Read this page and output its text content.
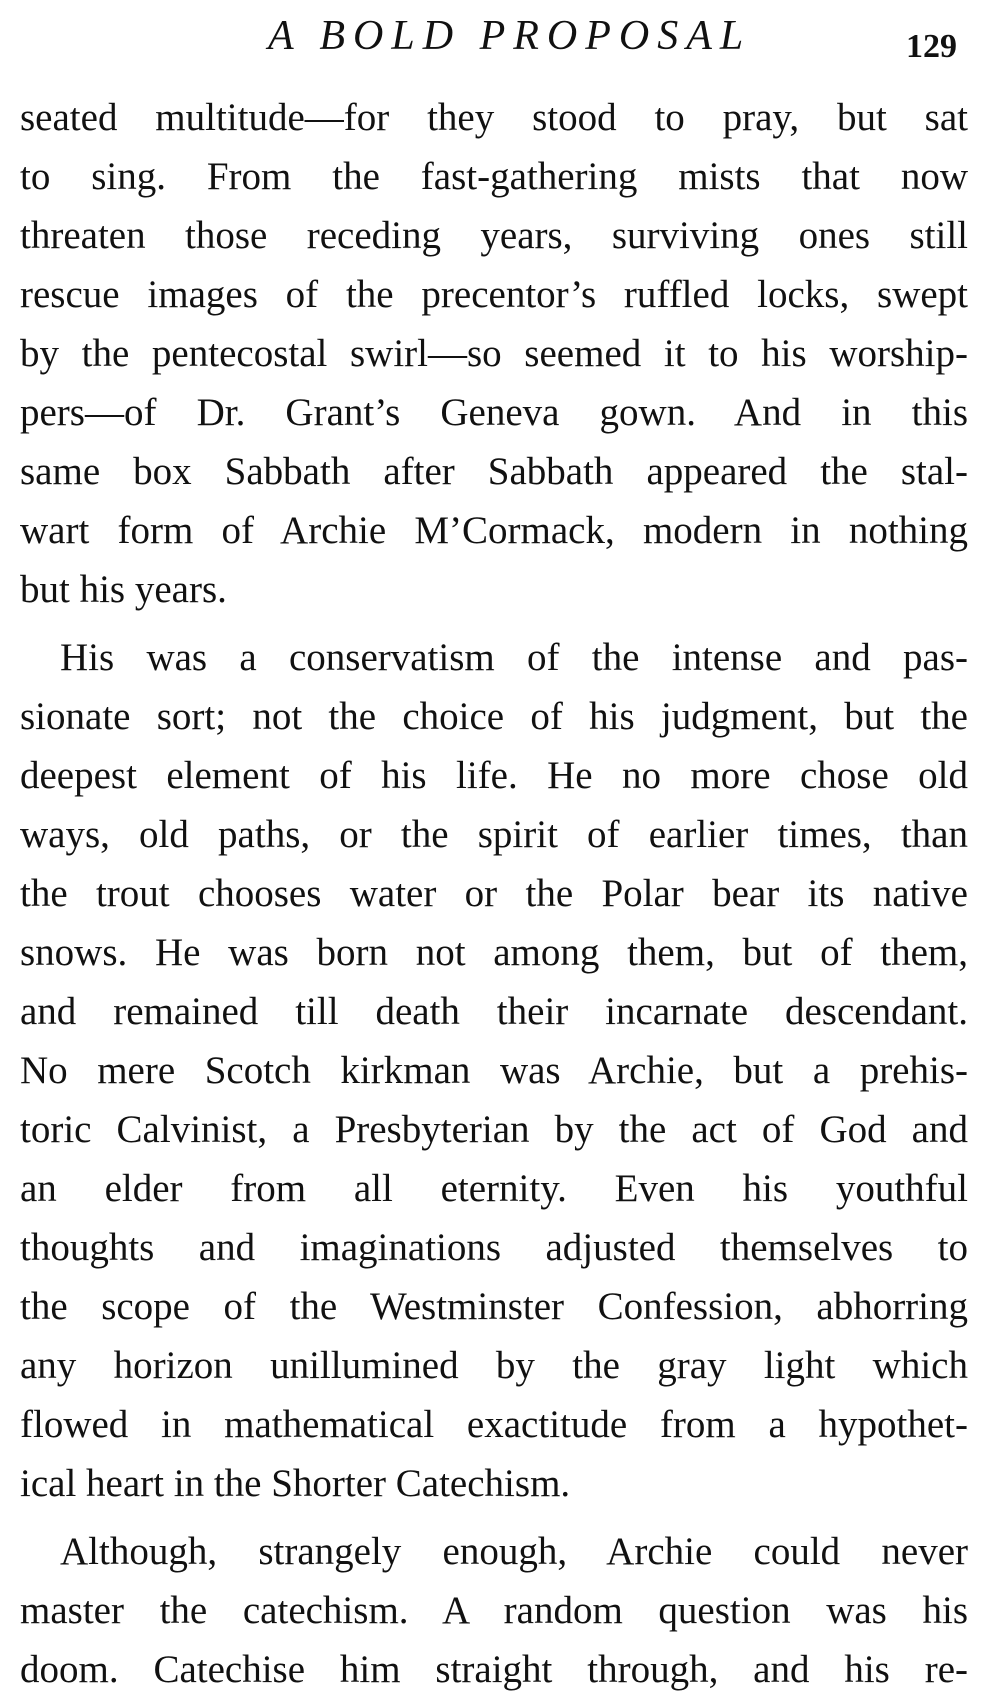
A BOLD PROPOSAL	129
seated multitude—for they stood to pray, but sat
to sing. From the fast-gathering mists that now
threaten those receding years, surviving ones still
rescue images of the precentor’s ruffled locks, swept
by the pentecostal swirl—so seemed it to his worship-
pers—of Dr. Grant’s Geneva gown. And in this
same box Sabbath after Sabbath appeared the stal-
wart form of Archie M’Cormack, modern in nothing
but his years.
His was a conservatism of the intense and pas-
sionate sort; not the choice of his judgment, but the
deepest element of his life. He no more chose old
ways, old paths, or the spirit of earlier times, than
the trout chooses water or the Polar bear its native
snows. He was born not among them, but of them,
and remained till death their incarnate descendant.
No mere Scotch kirkman was Archie, but a prehis-
toric Calvinist, a Presbyterian by the act of God and
an elder from all eternity. Even his youthful
thoughts and imaginations adjusted themselves to
the scope of the Westminster Confession, abhorring
any horizon unillumined by the gray light which
flowed in mathematical exactitude from a hypothet-
ical heart in the Shorter Catechism.
Although, strangely enough, Archie could never
master the catechism. A random question was his
doom. Catechise him straight through, and his re-
